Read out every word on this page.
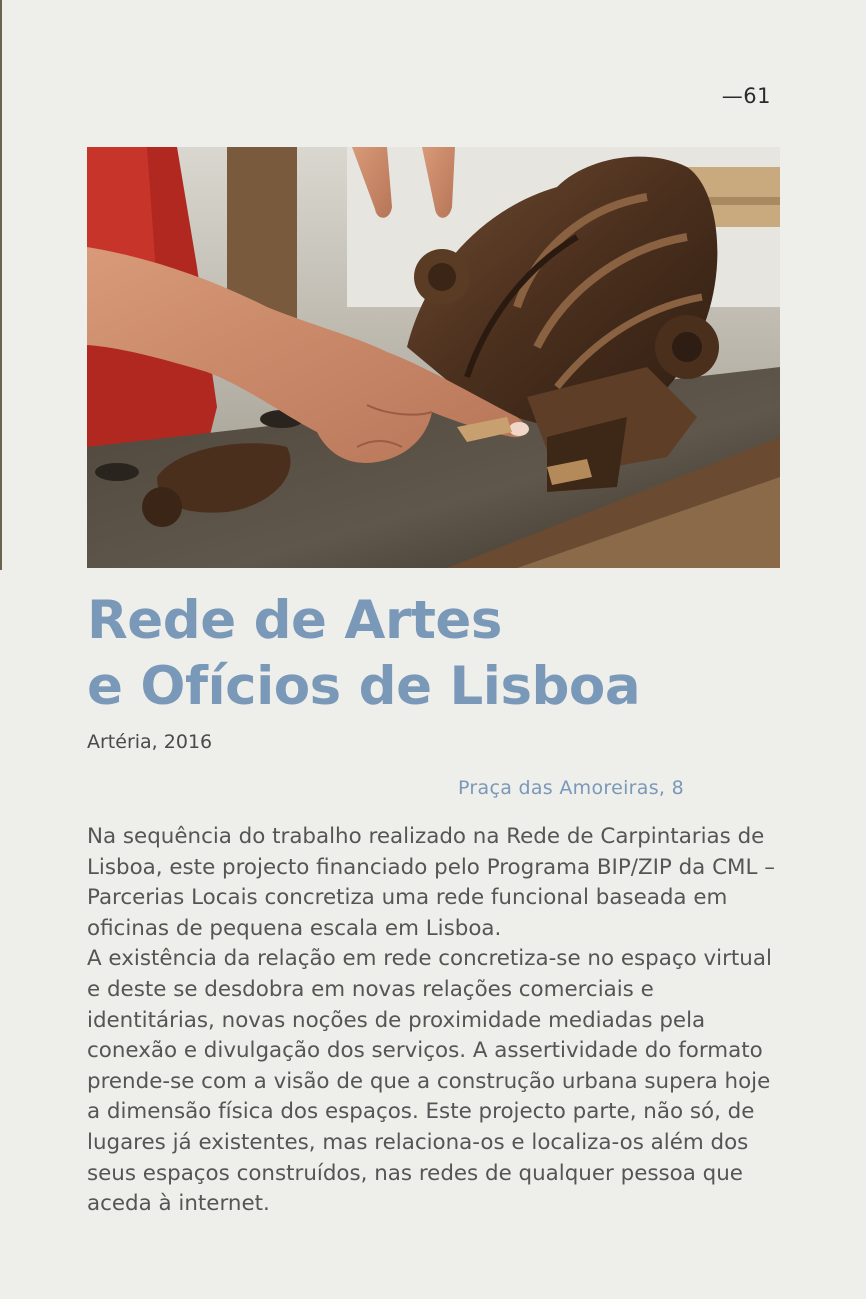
—61
Rede de Artes
e Ofícios de Lisboa
Artéria, 2016
Praça das Amoreiras, 8

Na sequência do trabalho realizado na Rede de Carpintarias de Lisboa, este projecto financiado pelo Programa BIP/ZIP da CML – Parcerias Locais concretiza uma rede funcional baseada em oficinas de pequena escala em Lisboa.

A existência da relação em rede concretiza-se no espaço virtual e deste se desdobra em novas relações comerciais e identitárias, novas noções de proximidade mediadas pela conexão e divulgação dos serviços. A assertividade do formato prende-se com a visão de que a construção urbana supera hoje a dimensão física dos espaços. Este projecto parte, não só, de lugares já existentes, mas relaciona-os e localiza-os além dos seus espaços construídos, nas redes de qualquer pessoa que aceda à internet.
